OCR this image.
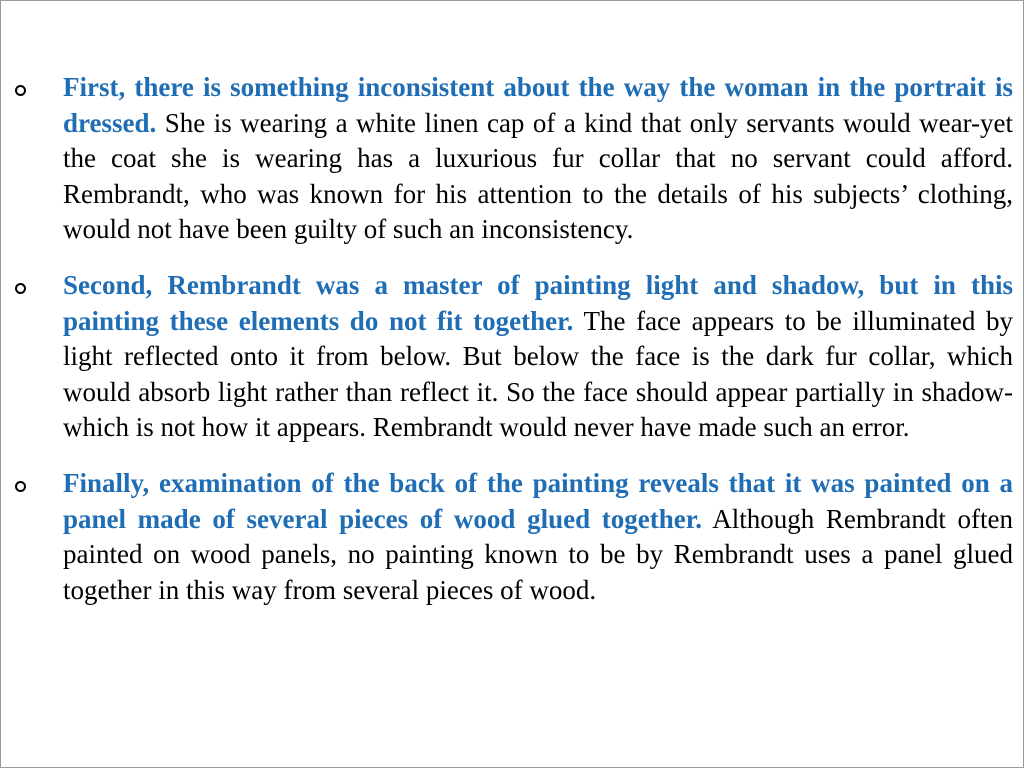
First, there is something inconsistent about the way the woman in the portrait is dressed. She is wearing a white linen cap of a kind that only servants would wear-yet the coat she is wearing has a luxurious fur collar that no servant could afford. Rembrandt, who was known for his attention to the details of his subjects’ clothing, would not have been guilty of such an inconsistency.
Second, Rembrandt was a master of painting light and shadow, but in this painting these elements do not fit together. The face appears to be illuminated by light reflected onto it from below. But below the face is the dark fur collar, which would absorb light rather than reflect it. So the face should appear partially in shadow-which is not how it appears. Rembrandt would never have made such an error.
Finally, examination of the back of the painting reveals that it was painted on a panel made of several pieces of wood glued together. Although Rembrandt often painted on wood panels, no painting known to be by Rembrandt uses a panel glued together in this way from several pieces of wood.
